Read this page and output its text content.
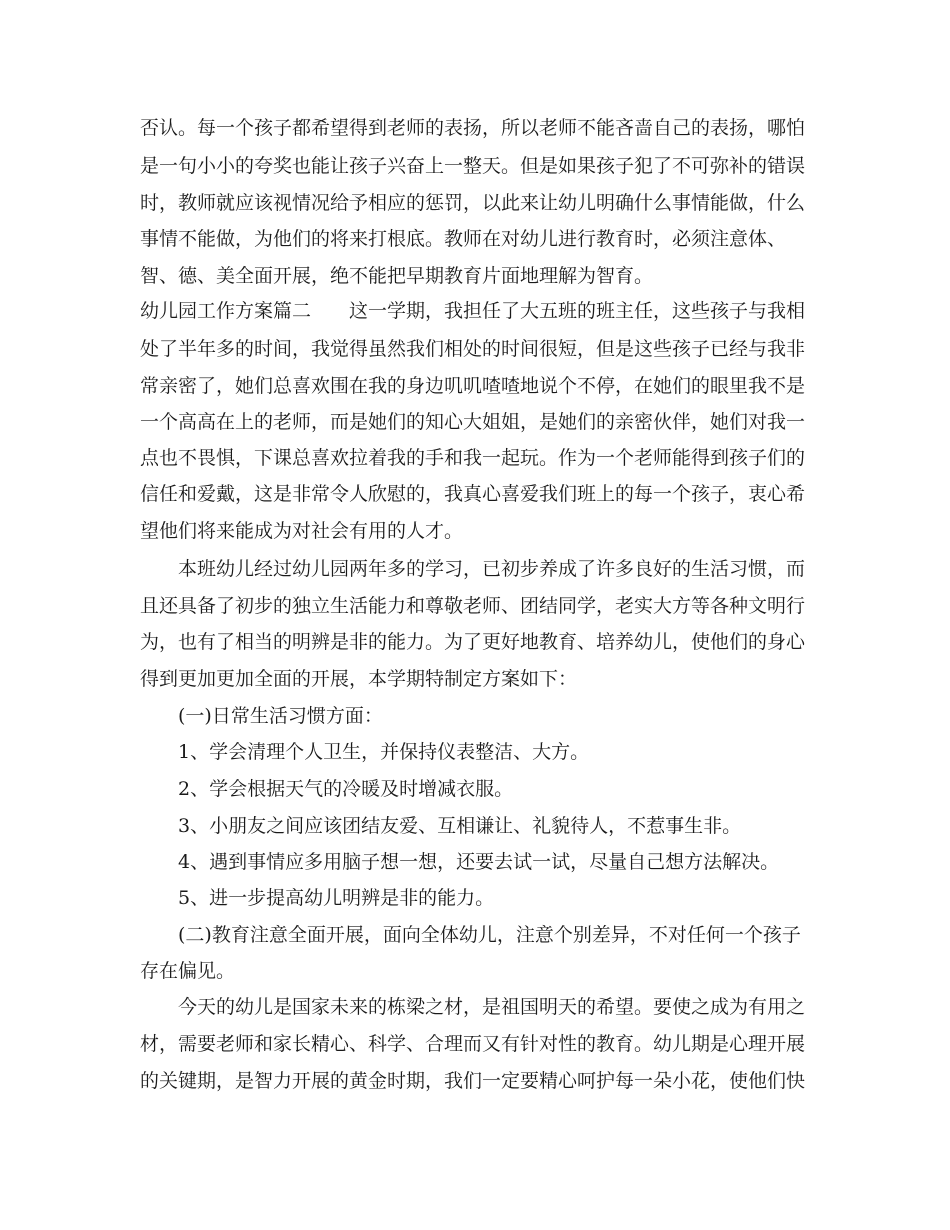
否认。每一个孩子都希望得到老师的表扬，所以老师不能吝啬自己的表扬，哪怕
是一句小小的夸奖也能让孩子兴奋上一整天。但是如果孩子犯了不可弥补的错误
时，教师就应该视情况给予相应的惩罚，以此来让幼儿明确什么事情能做，什么
事情不能做，为他们的将来打根底。教师在对幼儿进行教育时，必须注意体、
智、德、美全面开展，绝不能把早期教育片面地理解为智育。
幼儿园工作方案篇二　　这一学期，我担任了大五班的班主任，这些孩子与我相
处了半年多的时间，我觉得虽然我们相处的时间很短，但是这些孩子已经与我非
常亲密了，她们总喜欢围在我的身边叽叽喳喳地说个不停，在她们的眼里我不是
一个高高在上的老师，而是她们的知心大姐姐，是她们的亲密伙伴，她们对我一
点也不畏惧，下课总喜欢拉着我的手和我一起玩。作为一个老师能得到孩子们的
信任和爱戴，这是非常令人欣慰的，我真心喜爱我们班上的每一个孩子，衷心希
望他们将来能成为对社会有用的人才。
本班幼儿经过幼儿园两年多的学习，已初步养成了许多良好的生活习惯，而
且还具备了初步的独立生活能力和尊敬老师、团结同学，老实大方等各种文明行
为，也有了相当的明辨是非的能力。为了更好地教育、培养幼儿，使他们的身心
得到更加更加全面的开展，本学期特制定方案如下：
(一)日常生活习惯方面：
1、学会清理个人卫生，并保持仪表整洁、大方。
2、学会根据天气的冷暖及时增减衣服。
3、小朋友之间应该团结友爱、互相谦让、礼貌待人，不惹事生非。
4、遇到事情应多用脑子想一想，还要去试一试，尽量自己想方法解决。
5、进一步提高幼儿明辨是非的能力。
(二)教育注意全面开展，面向全体幼儿，注意个别差异，不对任何一个孩子
存在偏见。
今天的幼儿是国家未来的栋梁之材，是祖国明天的希望。要使之成为有用之
材，需要老师和家长精心、科学、合理而又有针对性的教育。幼儿期是心理开展
的关键期，是智力开展的黄金时期，我们一定要精心呵护每一朵小花，使他们快
